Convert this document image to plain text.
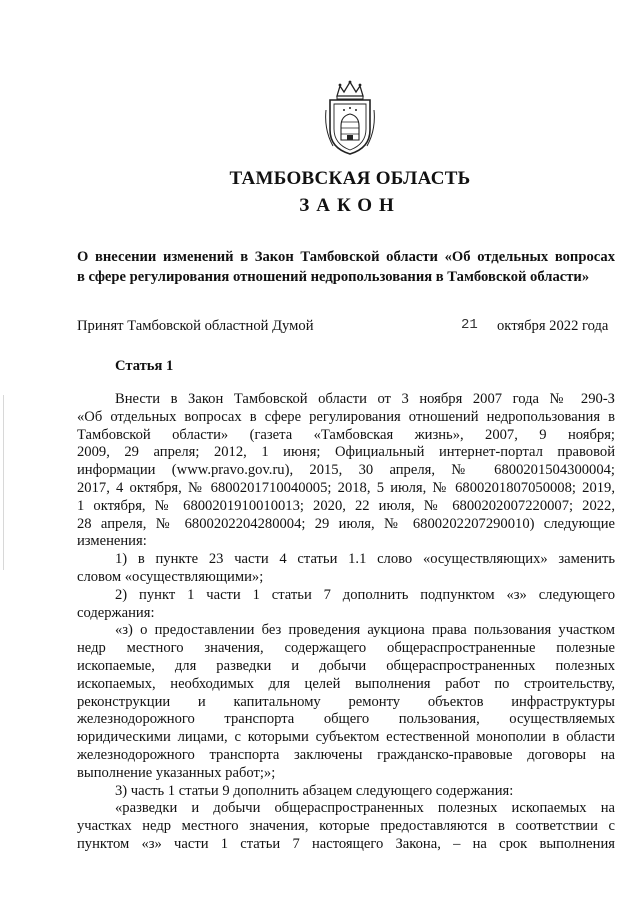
ТАМБОВСКАЯ ОБЛАСТЬ
ЗАКОН
О внесении изменений в Закон Тамбовской области «Об отдельных вопросах
в сфере регулирования отношений недропользования в Тамбовской области»
Принят Тамбовской областной Думой	21 октября 2022 года
Статья 1

Внести в Закон Тамбовской области от 3 ноября 2007 года № 290-З

«Об отдельных вопросах в сфере регулирования отношений недропользования в

Тамбовской области» (газета «Тамбовская жизнь», 2007, 9 ноября;

2009, 29 апреля; 2012, 1 июня; Официальный интернет-портал правовой

информации (www.pravo.gov.ru), 2015, 30 апреля, № 6800201504300004;

2017, 4 октября, № 6800201710040005; 2018, 5 июля, № 6800201807050008; 2019,

1 октября, № 6800201910010013; 2020, 22 июля, № 6800202007220007; 2022,

28 апреля, № 6800202204280004; 29 июля, № 6800202207290010) следующие

изменения:

1) в пункте 23 части 4 статьи 1.1 слово «осуществляющих» заменить

словом «осуществляющими»;

2) пункт 1 части 1 статьи 7 дополнить подпунктом «з» следующего

содержания:

«з) о предоставлении без проведения аукциона права пользования участком

недр местного значения, содержащего общераспространенные полезные

ископаемые, для разведки и добычи общераспространенных полезных

ископаемых, необходимых для целей выполнения работ по строительству,

реконструкции и капитальному ремонту объектов инфраструктуры

железнодорожного транспорта общего пользования, осуществляемых

юридическими лицами, с которыми субъектом естественной монополии в области

железнодорожного транспорта заключены гражданско-правовые договоры на

выполнение указанных работ;»;

3) часть 1 статьи 9 дополнить абзацем следующего содержания:

«разведки и добычи общераспространенных полезных ископаемых на

участках недр местного значения, которые предоставляются в соответствии с

пунктом «з» части 1 статьи 7 настоящего Закона, – на срок выполнения
